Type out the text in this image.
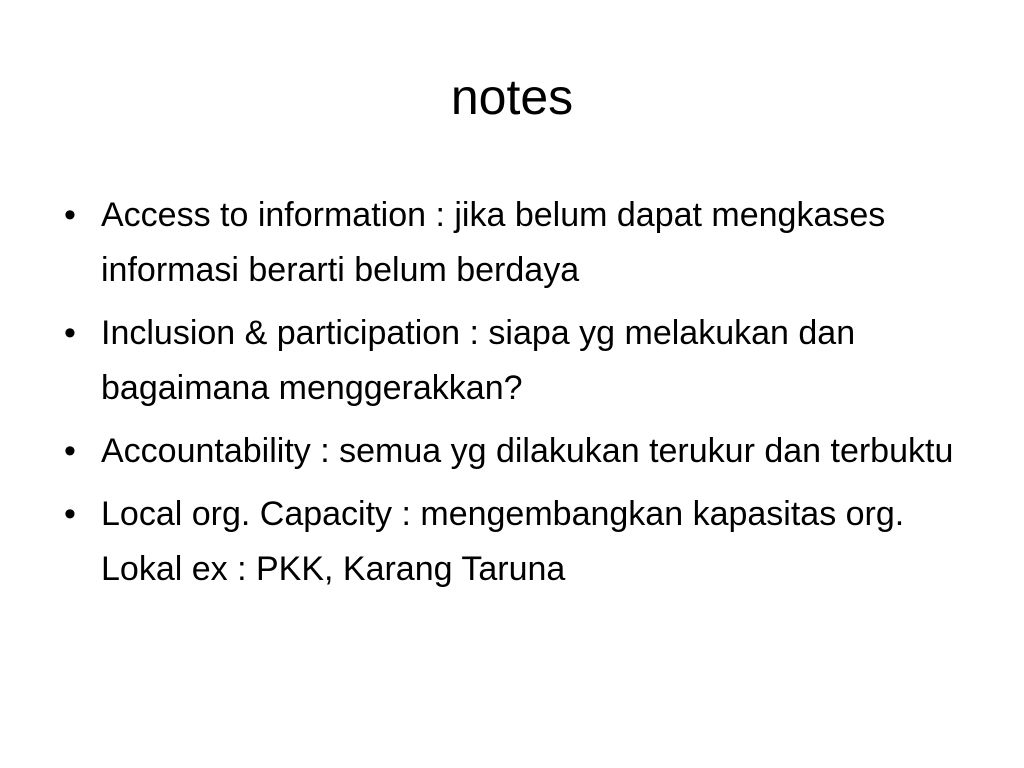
notes
• Access to information : jika belum dapat mengkases informasi berarti belum berdaya
• Inclusion & participation : siapa yg melakukan dan bagaimana menggerakkan?
• Accountability : semua yg dilakukan terukur dan terbuktu
• Local org. Capacity : mengembangkan kapasitas org. Lokal ex : PKK, Karang Taruna
